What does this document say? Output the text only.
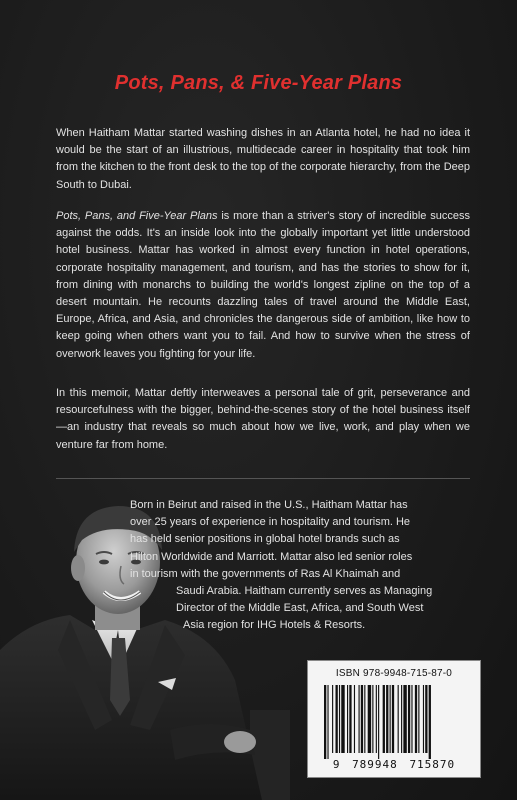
Pots, Pans, & Five-Year Plans
When Haitham Mattar started washing dishes in an Atlanta hotel, he had no idea it would be the start of an illustrious, multidecade career in hospitality that took him from the kitchen to the front desk to the top of the corporate hierarchy, from the Deep South to Dubai.
Pots, Pans, and Five-Year Plans is more than a striver's story of incredible success against the odds. It's an inside look into the globally important yet little understood hotel business. Mattar has worked in almost every function in hotel operations, corporate hospitality management, and tourism, and has the stories to show for it, from dining with monarchs to building the world's longest zipline on the top of a desert mountain. He recounts dazzling tales of travel around the Middle East, Europe, Africa, and Asia, and chronicles the dangerous side of ambition, like how to keep going when others want you to fail. And how to survive when the stress of overwork leaves you fighting for your life.
In this memoir, Mattar deftly interweaves a personal tale of grit, perseverance and resourcefulness with the bigger, behind-the-scenes story of the hotel business itself—an industry that reveals so much about how we live, work, and play when we venture far from home.
Born in Beirut and raised in the U.S., Haitham Mattar has
over 25 years of experience in hospitality and tourism. He
has held senior positions in global hotel brands such as
Hilton Worldwide and Marriott. Mattar also led senior roles
in tourism with the governments of Ras Al Khaimah and
Saudi Arabia. Haitham currently serves as Managing
Director of the Middle East, Africa, and South West
Asia region for IHG Hotels & Resorts.
ISBN 978-9948-715-87-0
9 789948 715870
